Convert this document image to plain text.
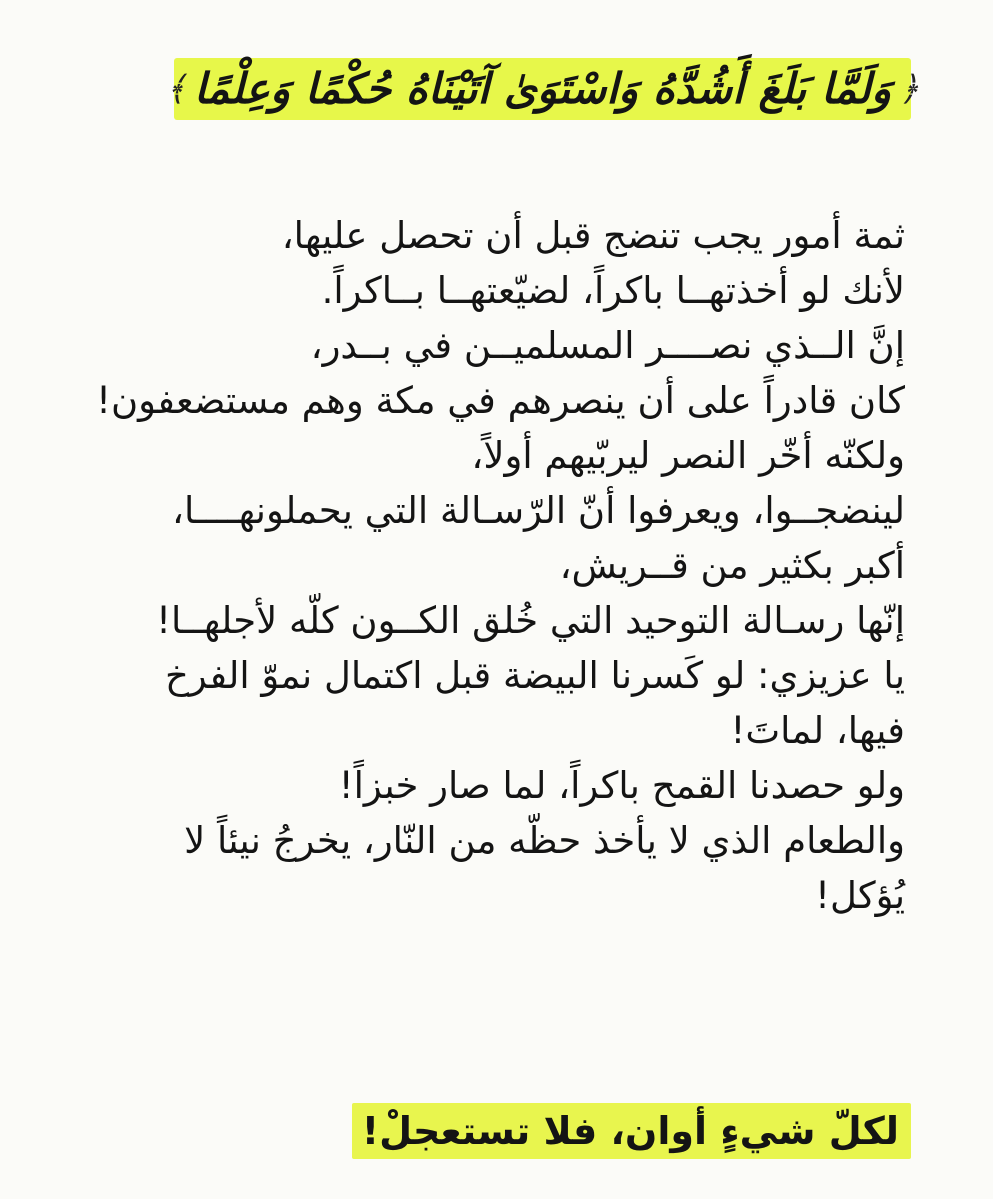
﴿
وَلَمَّا بَلَغَ أَشُدَّهُ وَاسْتَوَىٰ آتَيْنَاهُ حُكْمًا وَعِلْمًا
﴾
ثمة أمور يجب تنضج قبل أن تحصل عليها،
لأنك لو أخذتهــا باكراً، لضيّعتهــا بــاكراً.
إنَّ الــذي نصــــر المسلميــن في بــدر،
كان قادراً على أن ينصرهم في مكة وهم مستضعفون!
ولكنّه أخّر النصر ليربّيهم أولاً،
لينضجــوا، ويعرفوا أنّ الرّسـالة التي يحملونهــــا،
أكبر بكثير من قــريش،
إنّها رسـالة التوحيد التي خُلق الكــون كلّه لأجلهــا!
يا عزيزي: لو كَسرنا البيضة قبل اكتمال نموّ الفرخ
فيها، لماتَ!
ولو حصدنا القمح باكراً، لما صار خبزاً!
والطعام الذي لا يأخذ حظّه من النّار، يخرجُ نيئاً لا
يُؤكل!
لكلّ شيءٍ أوان، فلا تستعجلْ!
